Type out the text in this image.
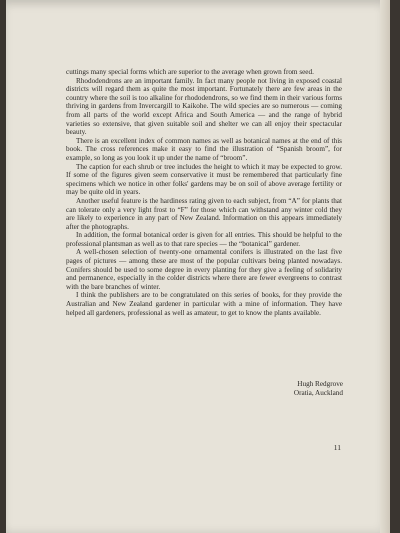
cuttings many special forms which are superior to the average when grown from seed.

Rhododendrons are an important family. In fact many people not living in exposed coastal districts will regard them as quite the most important. Fortunately there are few areas in the country where the soil is too alkaline for rhododendrons, so we find them in their various forms thriving in gardens from Invercargill to Kaikohe. The wild species are so numerous — coming from all parts of the world except Africa and South America — and the range of hybrid varieties so extensive, that given suitable soil and shelter we can all enjoy their spectacular beauty.

There is an excellent index of common names as well as botanical names at the end of this book. The cross references make it easy to find the illustration of “Spanish broom”, for example, so long as you look it up under the name of “broom”.

The caption for each shrub or tree includes the height to which it may be expected to grow. If some of the figures given seem conservative it must be remembered that particularly fine specimens which we notice in other folks' gardens may be on soil of above average fertility or may be quite old in years.

Another useful feature is the hardiness rating given to each subject, from “A” for plants that can tolerate only a very light frost to “F” for those which can withstand any winter cold they are likely to experience in any part of New Zealand. Information on this appears immediately after the photographs.

In addition, the formal botanical order is given for all entries. This should be helpful to the professional plantsman as well as to that rare species — the “botanical” gardener.

A well-chosen selection of twenty-one ornamental conifers is illustrated on the last five pages of pictures — among these are most of the popular cultivars being planted nowadays. Conifers should be used to some degree in every planting for they give a feeling of solidarity and permanence, especially in the colder districts where there are fewer evergreens to contrast with the bare branches of winter.

I think the publishers are to be congratulated on this series of books, for they provide the Australian and New Zealand gardener in particular with a mine of information. They have helped all gardeners, professional as well as amateur, to get to know the plants available.

Hugh Redgrove
Oratia, Auckland
11
